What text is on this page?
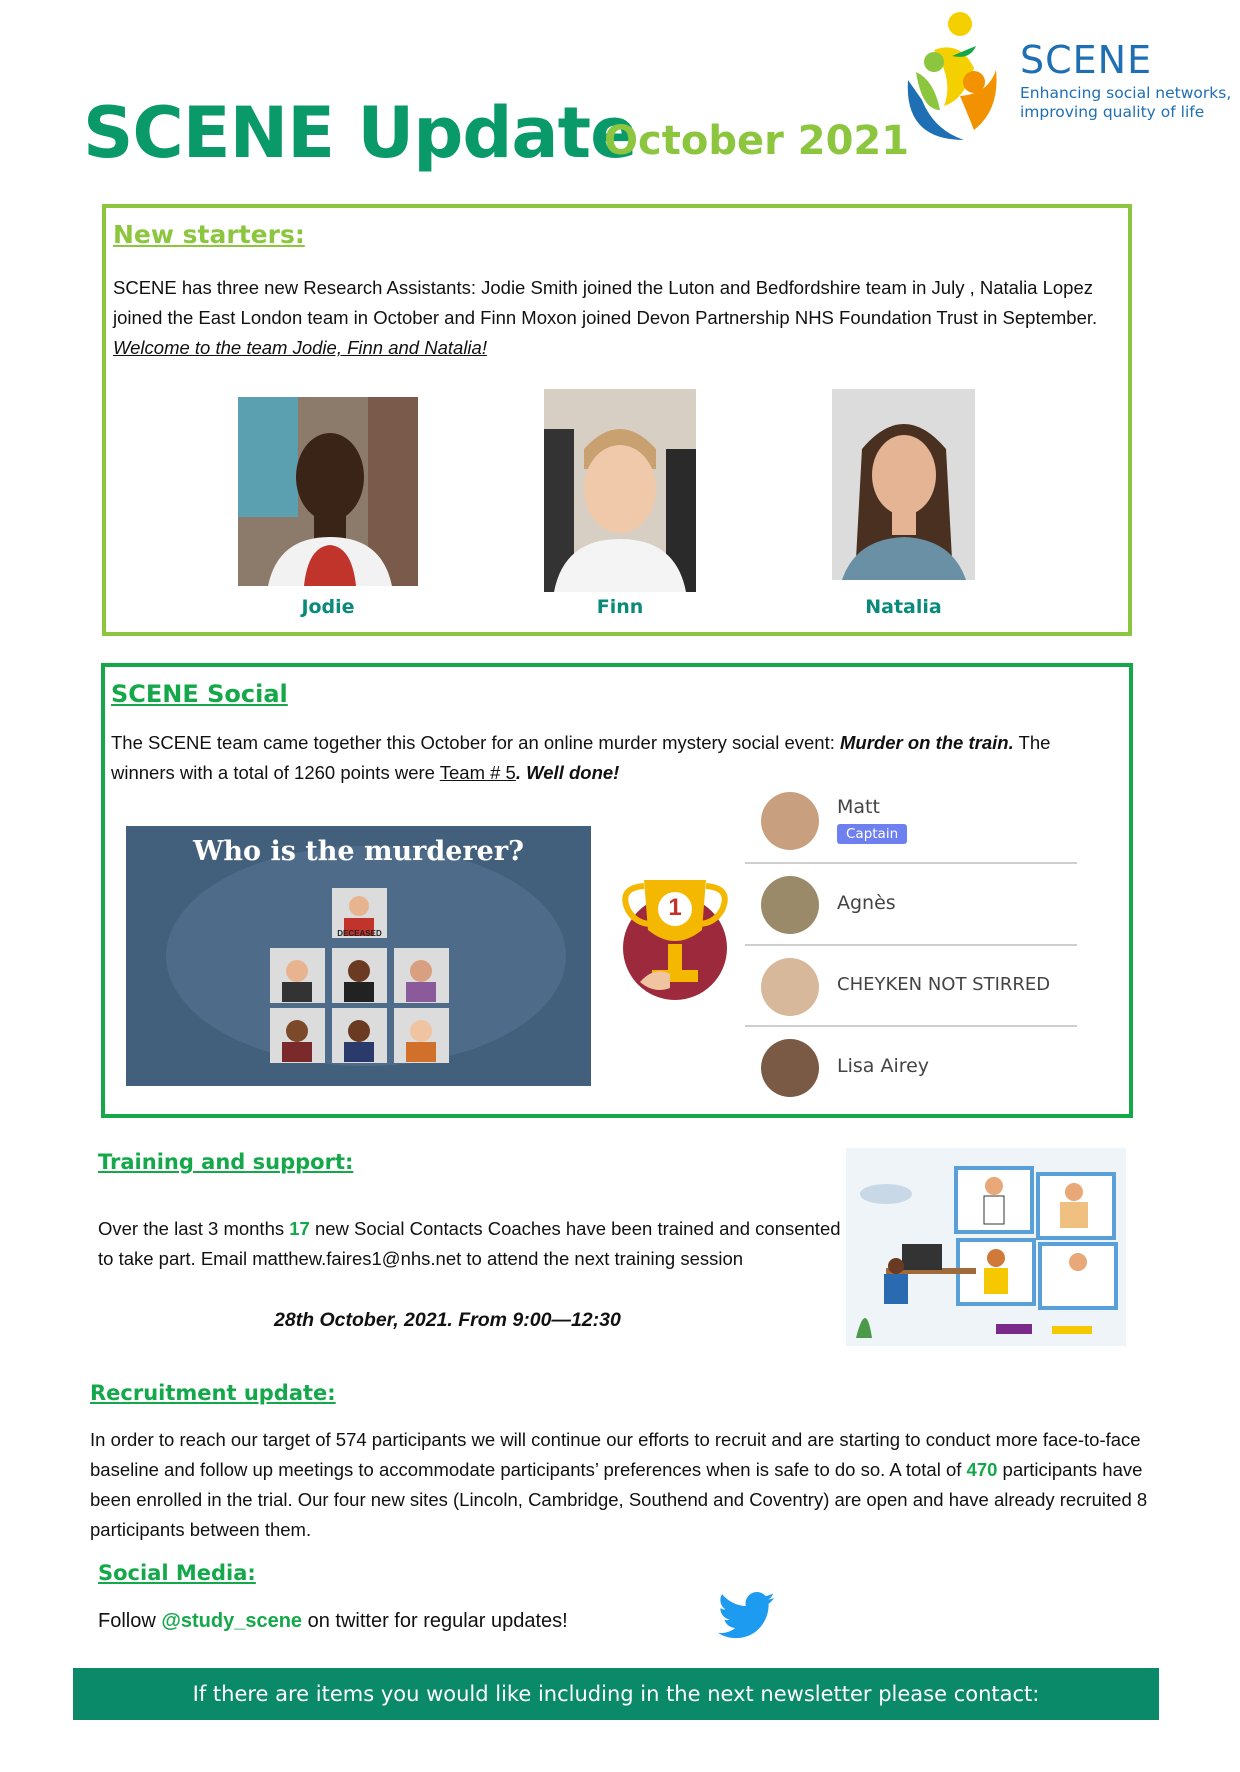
SCENE Update
October 2021
SCENE
Enhancing social networks, improving quality of life
New starters:
SCENE has three new Research Assistants: Jodie Smith joined the Luton and Bedfordshire team in July , Natalia Lopez joined the East London team in October and Finn Moxon joined Devon Partnership NHS Foundation Trust in September.
Welcome to the team Jodie, Finn and Natalia!
Jodie	Finn	Natalia
SCENE Social
The SCENE team came together this October for an online murder mystery social event: Murder on the train. The winners with a total of 1260 points were Team # 5. Well done!
Who is the murderer?
DECEASED
1
Matt
Captain
Agnès
CHEYKEN NOT STIRRED
Lisa Airey
Training and support:
Over the last 3 months 17 new Social Contacts Coaches have been trained and consented to take part. Email matthew.faires1@nhs.net to attend the next training session
28th October, 2021. From 9:00—12:30
Recruitment update:
In order to reach our target of 574 participants we will continue our efforts to recruit and are starting to conduct more face-to-face baseline and follow up meetings to accommodate participants’ preferences when is safe to do so. A total of 470 participants have been enrolled in the trial. Our four new sites (Lincoln, Cambridge, Southend and Coventry) are open and have already recruited 8 participants between them.
Social Media:
Follow @study_scene on twitter for regular updates!
If there are items you would like including in the next newsletter please contact: natalia.lopezchemas@nhs.net
